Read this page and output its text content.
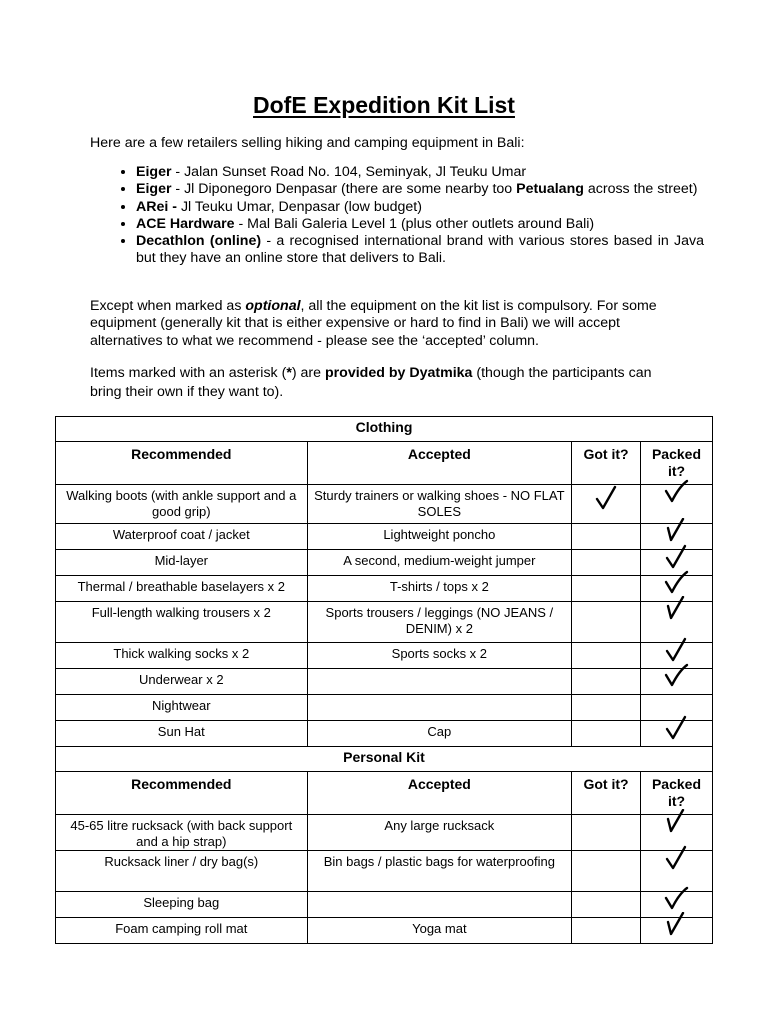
DofE Expedition Kit List

Here are a few retailers selling hiking and camping equipment in Bali:

• Eiger - Jalan Sunset Road No. 104, Seminyak, Jl Teuku Umar
• Eiger - Jl Diponegoro Denpasar (there are some nearby too Petualang across the street)
• ARei - Jl Teuku Umar, Denpasar (low budget)
• ACE Hardware - Mal Bali Galeria Level 1 (plus other outlets around Bali)
• Decathlon (online) - a recognised international brand with various stores based in Java but they have an online store that delivers to Bali.

Except when marked as optional, all the equipment on the kit list is compulsory. For some equipment (generally kit that is either expensive or hard to find in Bali) we will accept alternatives to what we recommend - please see the ‘accepted’ column.

Items marked with an asterisk (*) are provided by Dyatmika (though the participants can bring their own if they want to).

Clothing			
Recommended	Accepted	Got it?	Packed it?
Walking boots (with ankle support and a good grip)	Sturdy trainers or walking shoes - NO FLAT SOLES		

Waterproof coat / jacket	Lightweight poncho		

Mid-layer	A second, medium-weight jumper		

Thermal / breathable baselayers x 2	T-shirts / tops x 2		

Full-length walking trousers x 2	Sports trousers / leggings (NO JEANS / DENIM) x 2		

Thick walking socks x 2	Sports socks x 2		

Underwear x 2			

Nightwear			
Sun Hat	Cap		

Personal Kit			
Recommended	Accepted	Got it?	Packed it?
45-65 litre rucksack (with back support and a hip strap)	Any large rucksack		

Rucksack liner / dry bag(s)	Bin bags / plastic bags for waterproofing		

Sleeping bag			

Foam camping roll mat	Yoga mat		
